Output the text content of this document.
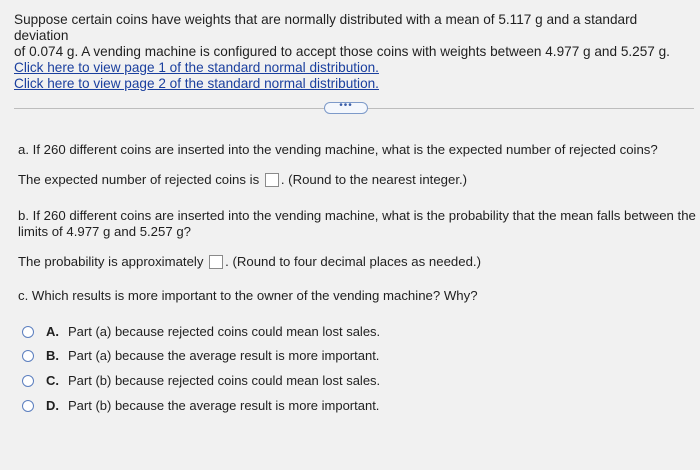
Suppose certain coins have weights that are normally distributed with a mean of 5.117 g and a standard deviation

of 0.074 g. A vending machine is configured to accept those coins with weights between 4.977 g and 5.257 g.

Click here to view page 1 of the standard normal distribution.
Click here to view page 2 of the standard normal distribution.
•••
a. If 260 different coins are inserted into the vending machine, what is the expected number of rejected coins?
The expected number of rejected coins is . (Round to the nearest integer.)
b. If 260 different coins are inserted into the vending machine, what is the probability that the mean falls between the
limits of 4.977 g and 5.257 g?
The probability is approximately . (Round to four decimal places as needed.)
c. Which results is more important to the owner of the vending machine? Why?
A. Part (a) because rejected coins could mean lost sales.
B. Part (a) because the average result is more important.
C. Part (b) because rejected coins could mean lost sales.
D. Part (b) because the average result is more important.
